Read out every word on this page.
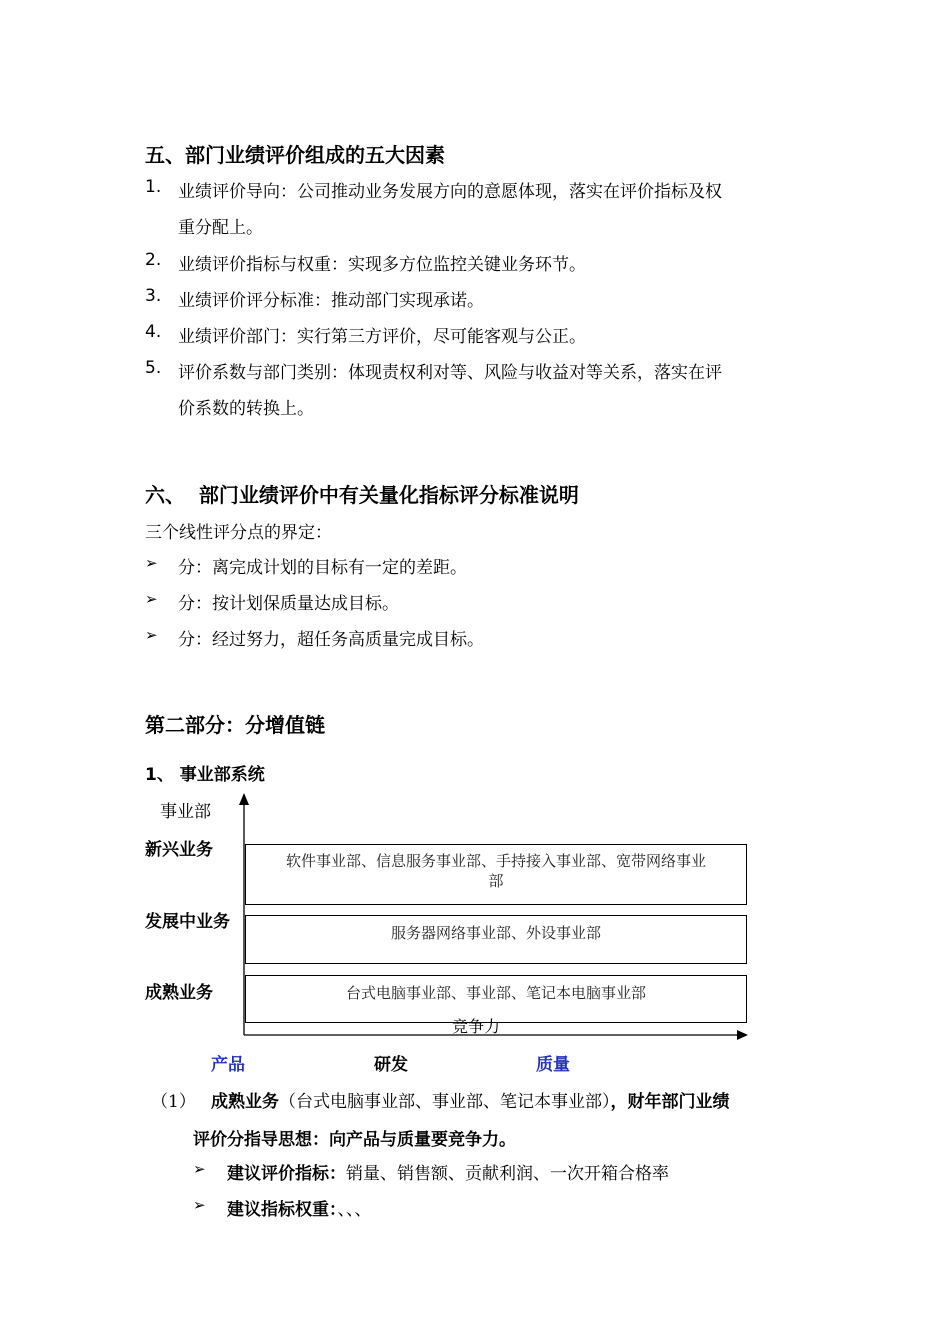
五、部门业绩评价组成的五大因素
1. 业绩评价导向：公司推动业务发展方向的意愿体现，落实在评价指标及权
重分配上。
2. 业绩评价指标与权重：实现多方位监控关键业务环节。
3. 业绩评价评分标准：推动部门实现承诺。
4. 业绩评价部门：实行第三方评价，尽可能客观与公正。
5. 评价系数与部门类别：体现责权利对等、风险与收益对等关系，落实在评
价系数的转换上。
六、  部门业绩评价中有关量化指标评分标准说明
三个线性评分点的界定：
➢ 分：离完成计划的目标有一定的差距。
➢ 分：按计划保质量达成目标。
➢ 分：经过努力，超任务高质量完成目标。
第二部分：分增值链
1、 事业部系统
事业部
新兴业务
软件事业部、信息服务事业部、手持接入事业部、宽带网络事业
部
发展中业务
服务器网络事业部、外设事业部
成熟业务	台式电脑事业部、事业部、笔记本电脑事业部
竞争力
产品	研发	质量
（1） 成熟业务（台式电脑事业部、事业部、笔记本事业部），财年部门业绩
评价分指导思想：向产品与质量要竞争力。
➢ 建议评价指标：销量、销售额、贡献利润、一次开箱合格率
➢ 建议指标权重：、、、
